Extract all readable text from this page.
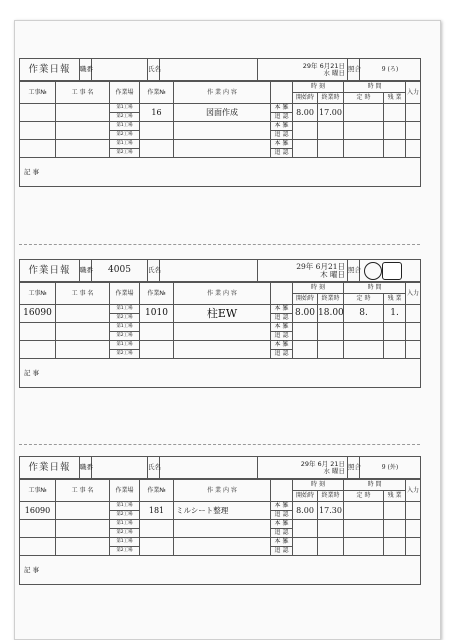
作業日報	職番		氏名		29年 6月21日
水 曜日	照合	9 (ろ)
工事№	工 事 名	作業場	作業№	作 業 内 容		時 刻		時 間		入力
						開始時	終業時	定 時	残 業	
		第1工場	16	図面作成	本 雑	8.00	17.00			
		第2工場			追 認					
		第1工場			本 雑					
		第2工場			追 認					
		第1工場			本 雑					
		第2工場			追 認					
記 事										
作業日報	職番	4005	氏名		29年 6月21日
木 曜日	照合	
工事№	工 事 名	作業場	作業№	作 業 内 容		時 刻		時 間		入力
						開始時	終業時	定 時	残 業	
16090		第1工場	1010	柱EW	本 雑	8.00	18.00	8.	1.	
		第2工場			追 認					
		第1工場			本 雑					
		第2工場			追 認					
		第1工場			本 雑					
		第2工場			追 認					
記 事										
作業日報	職番		氏名		29年 6月 21日
水 曜日	照合	9 (外)
工事№	工 事 名	作業場	作業№	作 業 内 容		時 刻		時 間		入力
						開始時	終業時	定 時	残 業	
16090		第1工場	181	ミルシート整理	本 雑	8.00	17.30			
		第2工場			追 認					
		第1工場			本 雑					
		第2工場			追 認					
		第1工場			本 雑					
		第2工場			追 認					
記 事										
